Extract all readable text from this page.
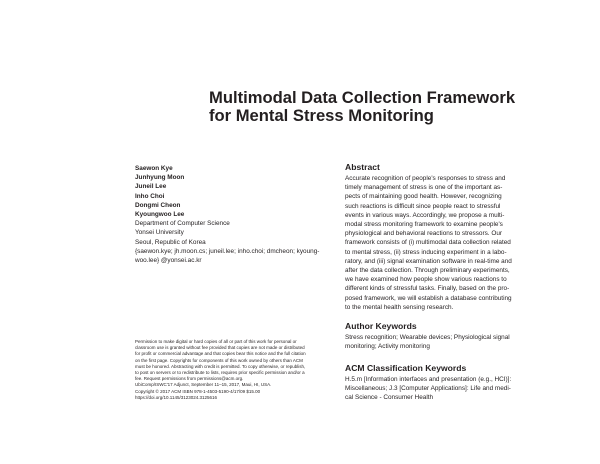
Multimodal Data Collection Framework
for Mental Stress Monitoring
Saewon Kye
Junhyung Moon
Juneil Lee
Inho Choi
Dongmi Cheon
Kyoungwoo Lee
Department of Computer Science
Yonsei University
Seoul, Republic of Korea
{saewon.kye; jh.moon.cs; juneil.lee; inho.choi; dmcheon; kyoung-
woo.lee} @yonsei.ac.kr
Permission to make digital or hard copies of all or part of this work for personal or
classroom use is granted without fee provided that copies are not made or distributed
for profit or commercial advantage and that copies bear this notice and the full citation
on the first page. Copyrights for components of this work owned by others than ACM
must be honored. Abstracting with credit is permitted. To copy otherwise, or republish,
to post on servers or to redistribute to lists, requires prior specific permission and/or a
fee. Request permissions from permissions@acm.org.
UbiComp/ISWC'17 Adjunct, September 11–15, 2017, Maui, HI, USA.
Copyright © 2017 ACM ISBN 978-1-4503-5190-4/17/09 $15.00
https://doi.org/10.1145/3123024.3125616
Abstract
Accurate recognition of people's responses to stress and
timely management of stress is one of the important as-
pects of maintaining good health. However, recognizing
such reactions is difficult since people react to stressful
events in various ways. Accordingly, we propose a multi-
modal stress monitoring framework to examine people's
physiological and behavioral reactions to stressors. Our
framework consists of (i) multimodal data collection related
to mental stress, (ii) stress inducing experiment in a labo-
ratory, and (iii) signal examination software in real-time and
after the data collection. Through preliminary experiments,
we have examined how people show various reactions to
different kinds of stressful tasks. Finally, based on the pro-
posed framework, we will establish a database contributing
to the mental health sensing research.
Author Keywords
Stress recognition; Wearable devices; Physiological signal
monitoring; Activity monitoring
ACM Classification Keywords
H.5.m [Information interfaces and presentation (e.g., HCI)]:
Miscellaneous; J.3 [Computer Applications]: Life and medi-
cal Science - Consumer Health
